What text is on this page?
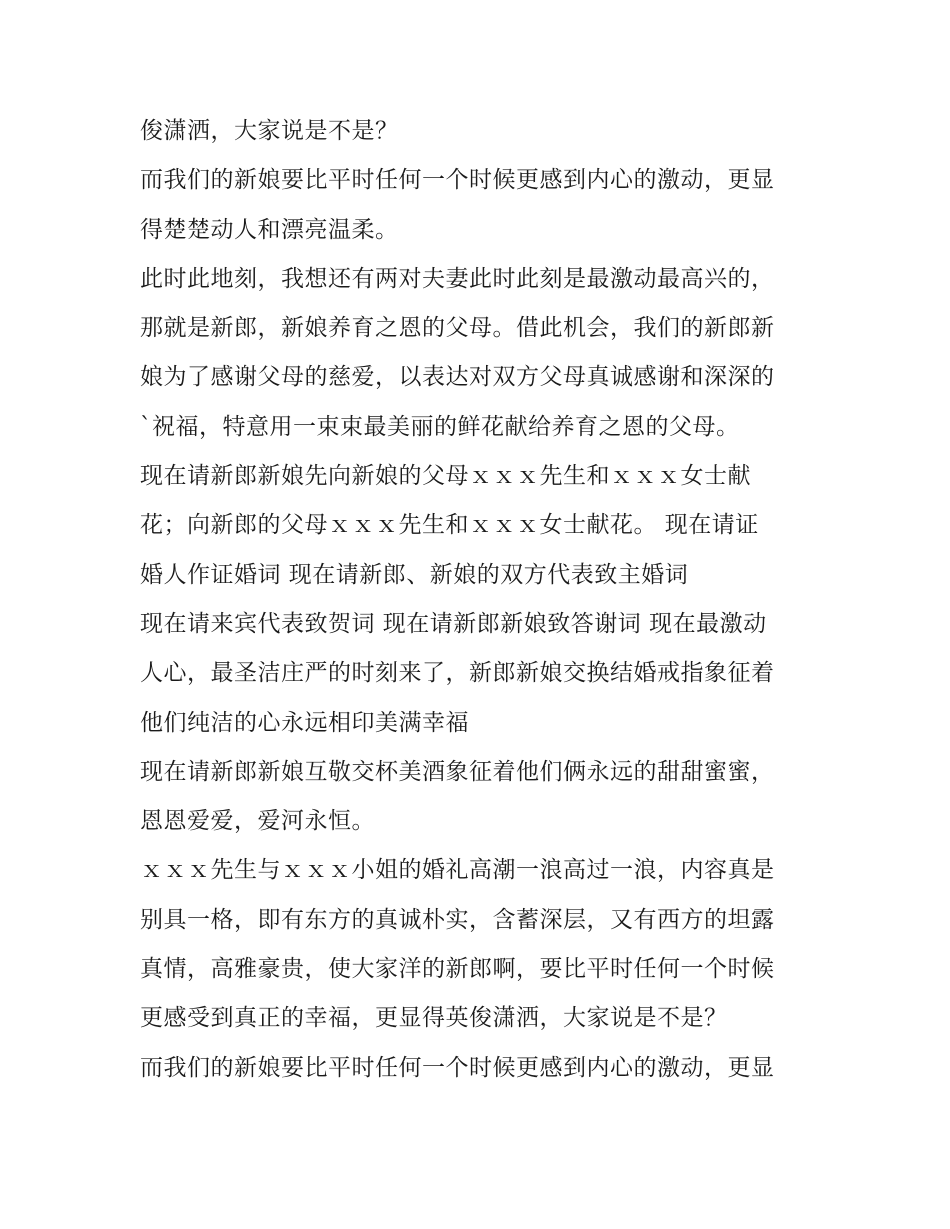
俊潇洒，大家说是不是？
而我们的新娘要比平时任何一个时候更感到内心的激动，更显
得楚楚动人和漂亮温柔。
此时此地刻，我想还有两对夫妻此时此刻是最激动最高兴的，
那就是新郎，新娘养育之恩的父母。借此机会，我们的新郎新
娘为了感谢父母的慈爱，以表达对双方父母真诚感谢和深深的
`祝福，特意用一束束最美丽的鲜花献给养育之恩的父母。
现在请新郎新娘先向新娘的父母ｘｘｘ先生和ｘｘｘ女士献
花；向新郎的父母ｘｘｘ先生和ｘｘｘ女士献花。 现在请证
婚人作证婚词 现在请新郎、新娘的双方代表致主婚词
现在请来宾代表致贺词 现在请新郎新娘致答谢词 现在最激动
人心，最圣洁庄严的时刻来了，新郎新娘交换结婚戒指象征着
他们纯洁的心永远相印美满幸福
现在请新郎新娘互敬交杯美酒象征着他们俩永远的甜甜蜜蜜，
恩恩爱爱，爱河永恒。
ｘｘｘ先生与ｘｘｘ小姐的婚礼高潮一浪高过一浪，内容真是
别具一格，即有东方的真诚朴实，含蓄深层，又有西方的坦露
真情，高雅豪贵，使大家洋的新郎啊，要比平时任何一个时候
更感受到真正的幸福，更显得英俊潇洒，大家说是不是？
而我们的新娘要比平时任何一个时候更感到内心的激动，更显
